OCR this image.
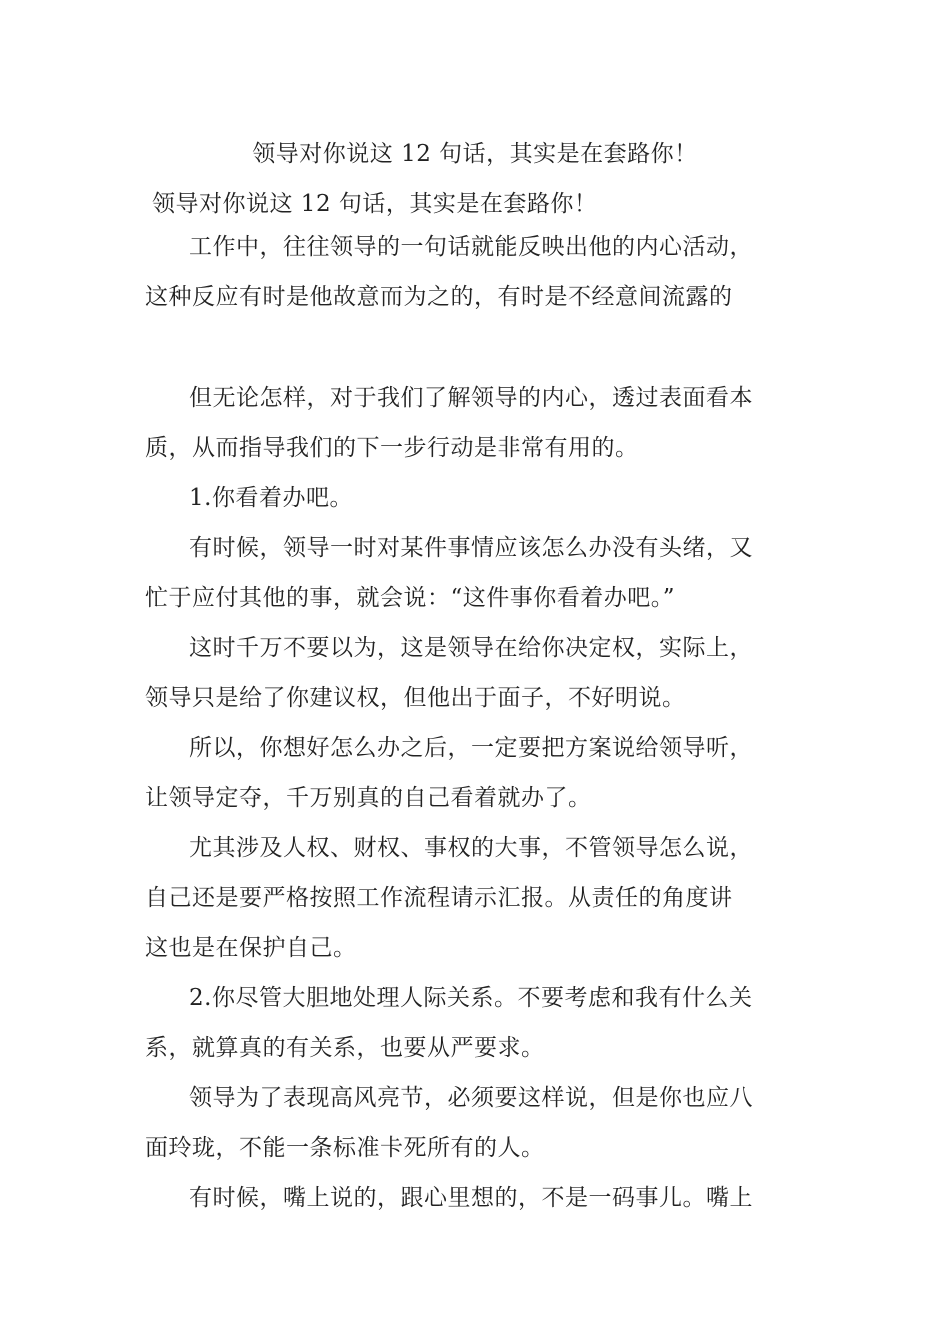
领导对你说这 12 句话，其实是在套路你！
领导对你说这 12 句话，其实是在套路你！
工作中，往往领导的一句话就能反映出他的内心活动，
这种反应有时是他故意而为之的，有时是不经意间流露的
但无论怎样，对于我们了解领导的内心，透过表面看本
质，从而指导我们的下一步行动是非常有用的。
1.你看着办吧。
有时候，领导一时对某件事情应该怎么办没有头绪，又
忙于应付其他的事，就会说：“这件事你看着办吧。”
这时千万不要以为，这是领导在给你决定权，实际上，
领导只是给了你建议权，但他出于面子，不好明说。
所以，你想好怎么办之后，一定要把方案说给领导听，
让领导定夺，千万别真的自己看着就办了。
尤其涉及人权、财权、事权的大事，不管领导怎么说，
自己还是要严格按照工作流程请示汇报。从责任的角度讲
这也是在保护自己。
2.你尽管大胆地处理人际关系。不要考虑和我有什么关
系，就算真的有关系，也要从严要求。
领导为了表现高风亮节，必须要这样说，但是你也应八
面玲珑，不能一条标准卡死所有的人。
有时候，嘴上说的，跟心里想的，不是一码事儿。嘴上
